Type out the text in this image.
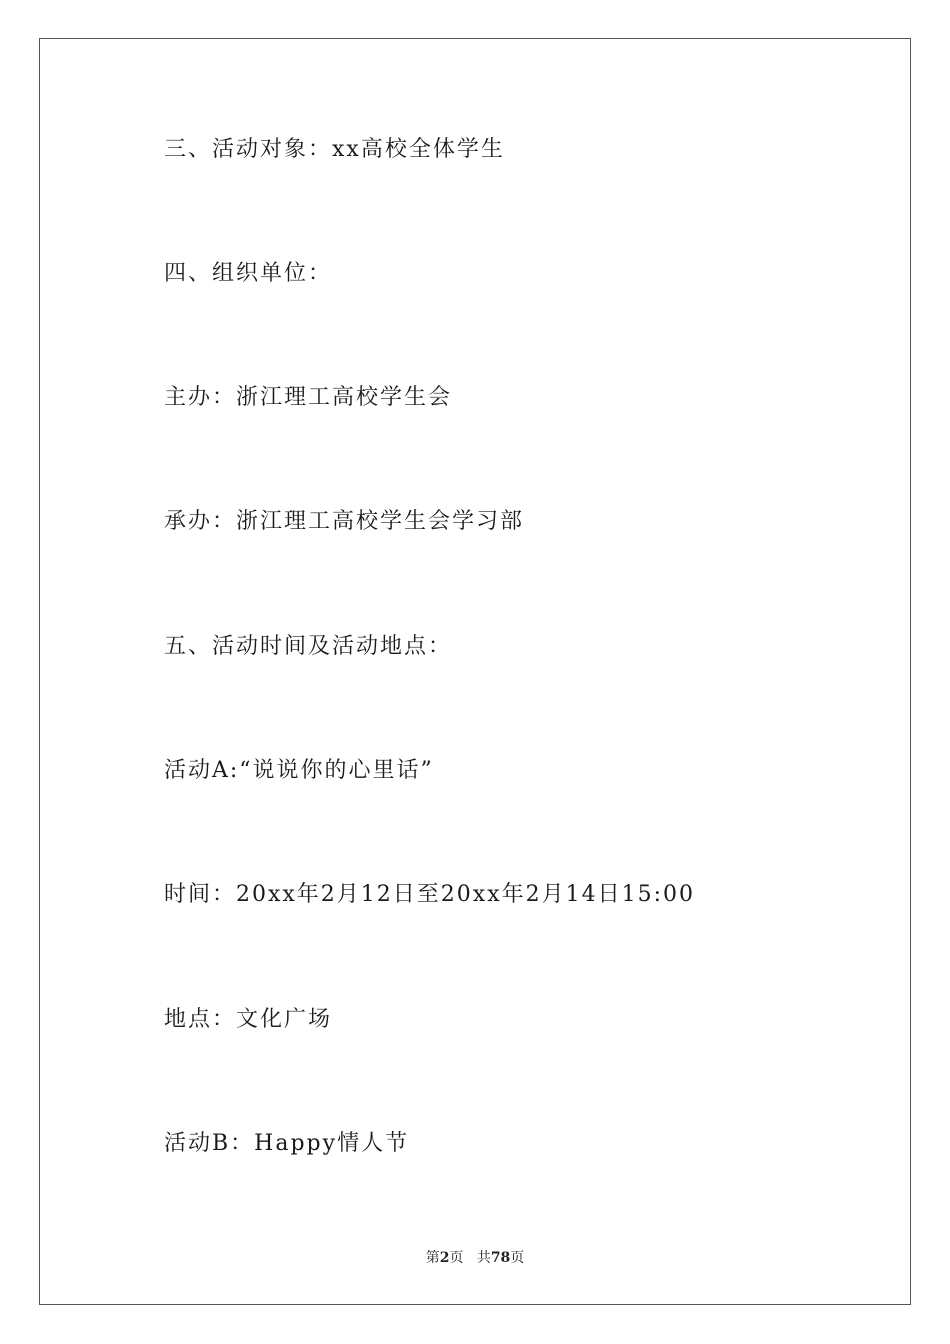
三、活动对象：xx高校全体学生
四、组织单位：
主办：浙江理工高校学生会
承办：浙江理工高校学生会学习部
五、活动时间及活动地点：
活动A:“说说你的心里话”
时间：20xx年2月12日至20xx年2月14日15:00
地点：文化广场
活动B：Happy情人节
第2页 共78页
